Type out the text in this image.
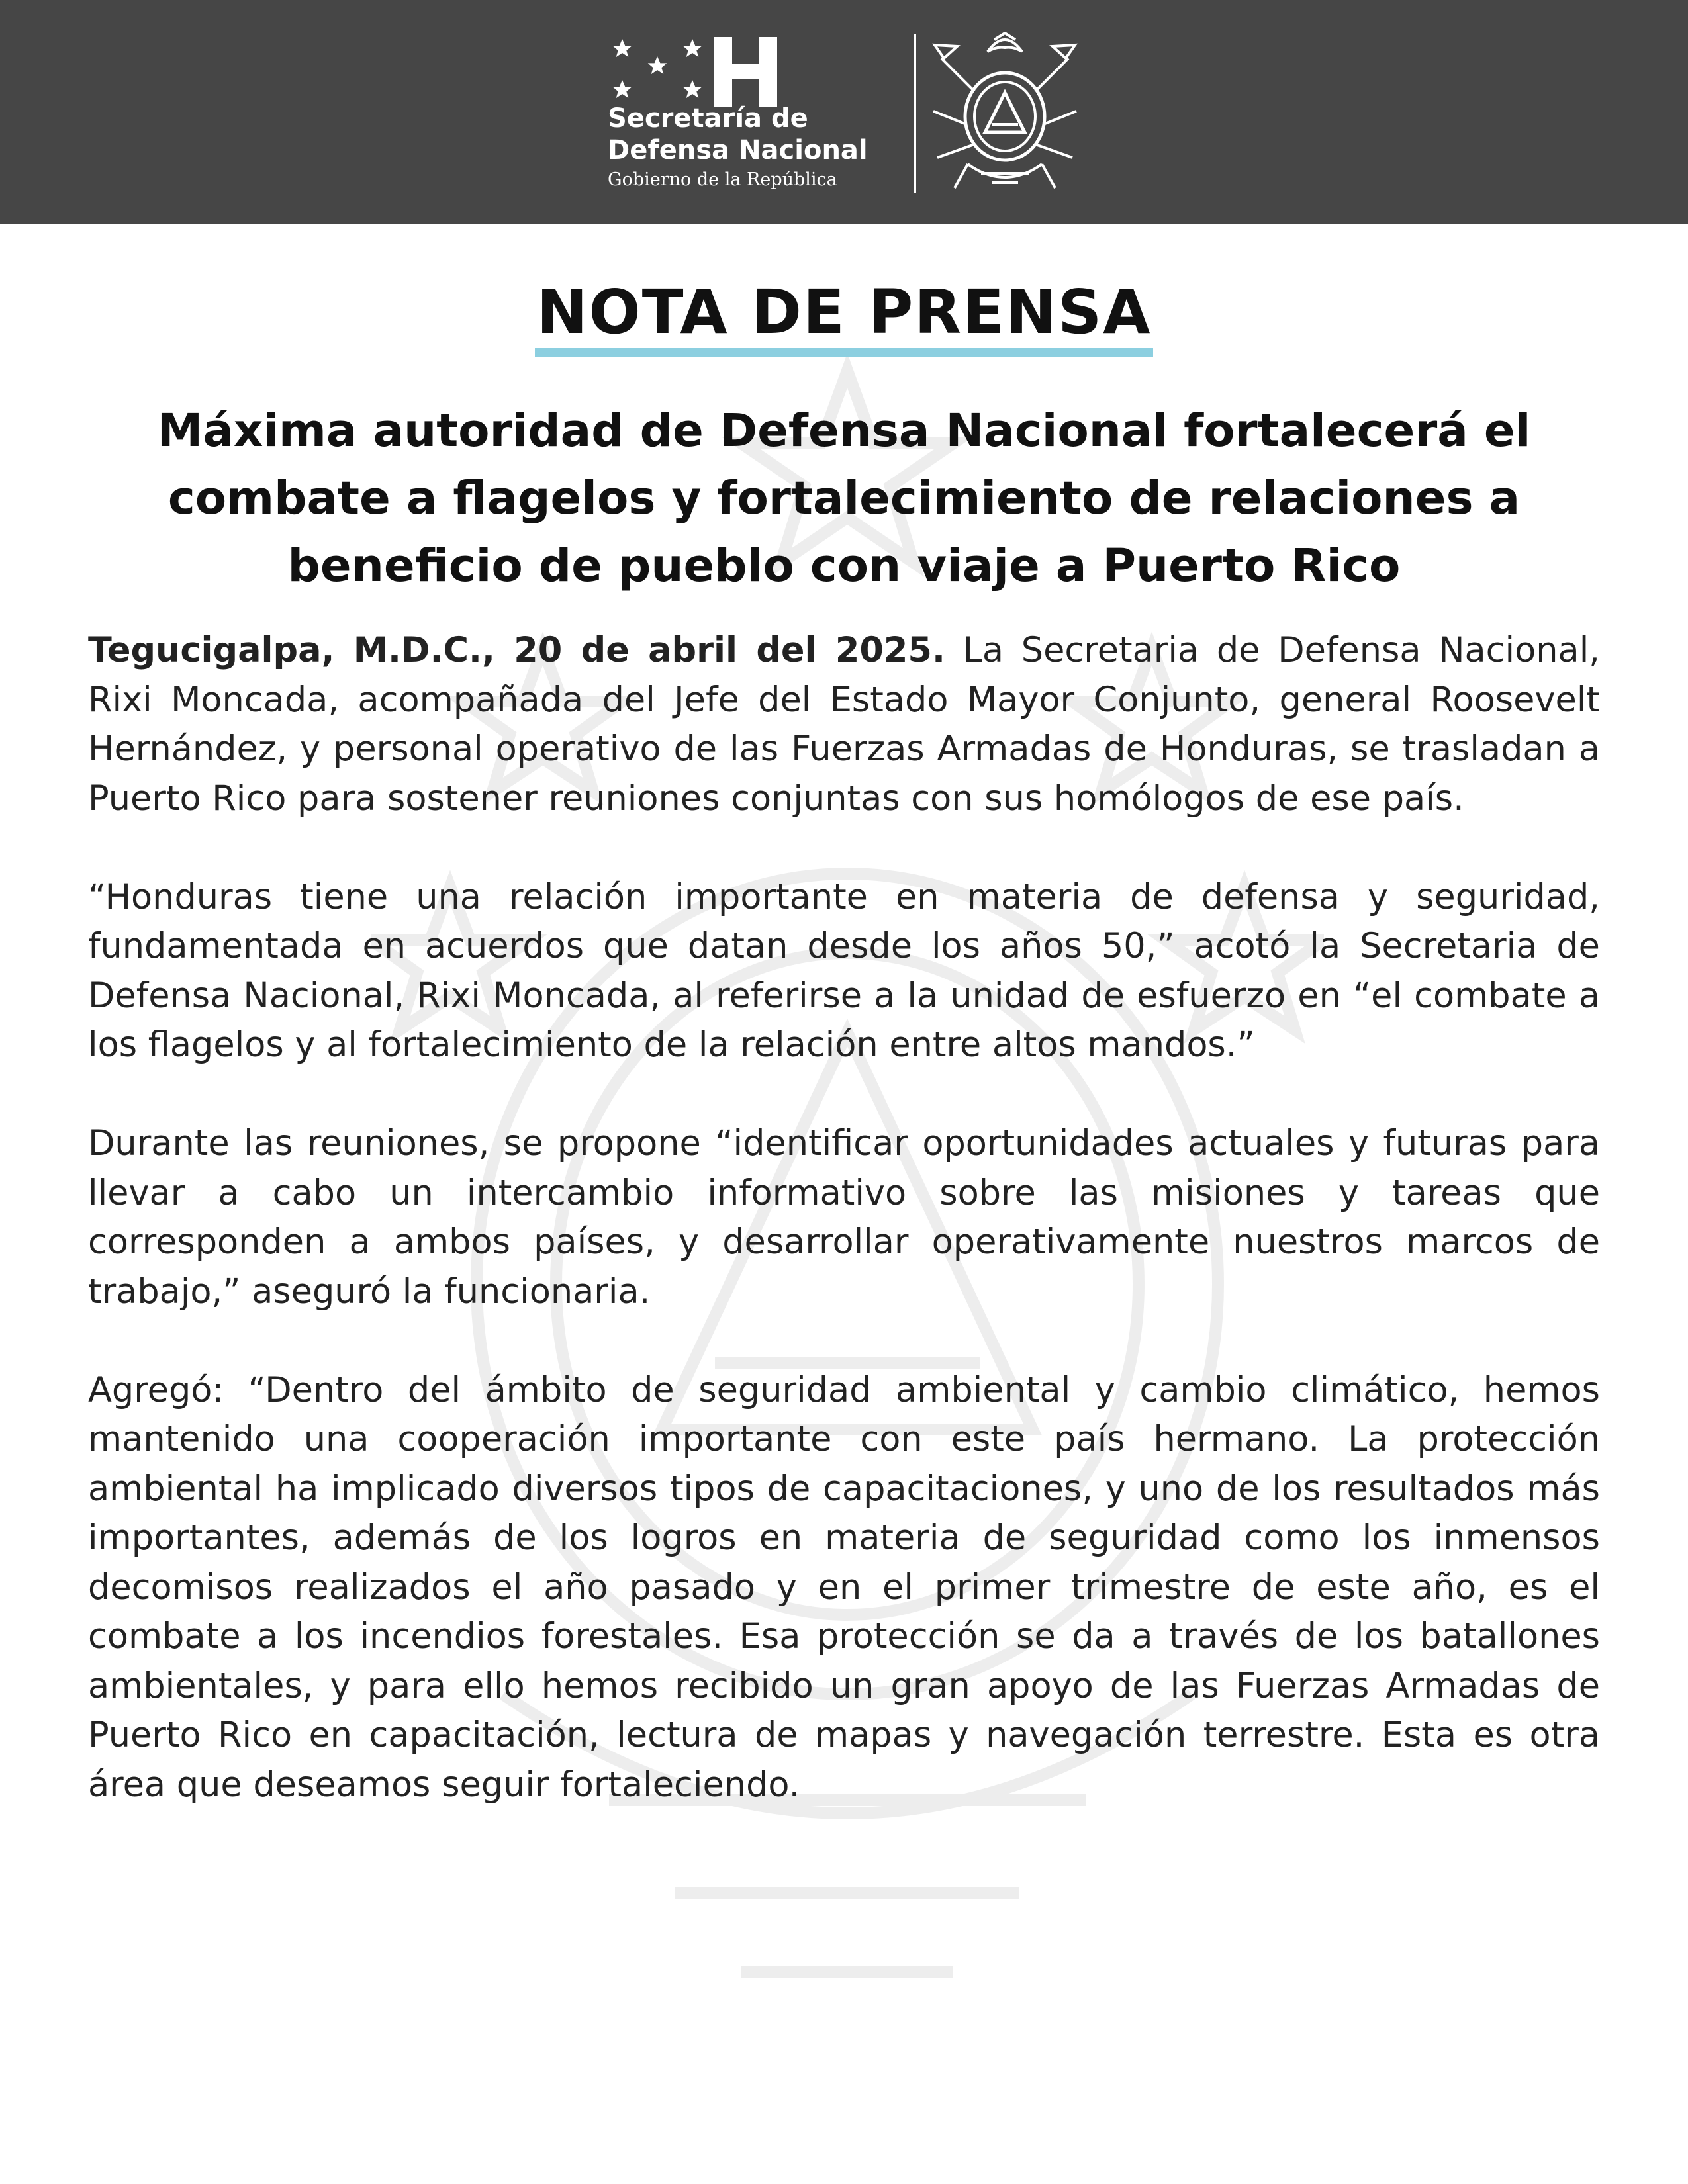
Secretaría de
Defensa Nacional
Gobierno de la República
NOTA DE PRENSA
Máxima autoridad de Defensa Nacional fortalecerá el combate a flagelos y fortalecimiento de relaciones a beneficio de pueblo con viaje a Puerto Rico

Tegucigalpa, M.D.C., 20 de abril del 2025. La Secretaria de Defensa Nacional, Rixi Moncada, acompañada del Jefe del Estado Mayor Conjunto, general Roosevelt Hernández, y personal operativo de las Fuerzas Armadas de Honduras, se trasladan a Puerto Rico para sostener reuniones conjuntas con sus homólogos de ese país.

“Honduras tiene una relación importante en materia de defensa y seguridad, fundamentada en acuerdos que datan desde los años 50,” acotó la Secretaria de Defensa Nacional, Rixi Moncada, al referirse a la unidad de esfuerzo en “el combate a los flagelos y al fortalecimiento de la relación entre altos mandos.”

Durante las reuniones, se propone “identificar oportunidades actuales y futuras para llevar a cabo un intercambio informativo sobre las misiones y tareas que corresponden a ambos países, y desarrollar operativamente nuestros marcos de trabajo,” aseguró la funcionaria.

Agregó: “Dentro del ámbito de seguridad ambiental y cambio climático, hemos mantenido una cooperación importante con este país hermano. La protección ambiental ha implicado diversos tipos de capacitaciones, y uno de los resultados más importantes, además de los logros en materia de seguridad como los inmensos decomisos realizados el año pasado y en el primer trimestre de este año, es el combate a los incendios forestales. Esa protección se da a través de los batallones ambientales, y para ello hemos recibido un gran apoyo de las Fuerzas Armadas de Puerto Rico en capacitación, lectura de mapas y navegación terrestre. Esta es otra área que deseamos seguir fortaleciendo.
